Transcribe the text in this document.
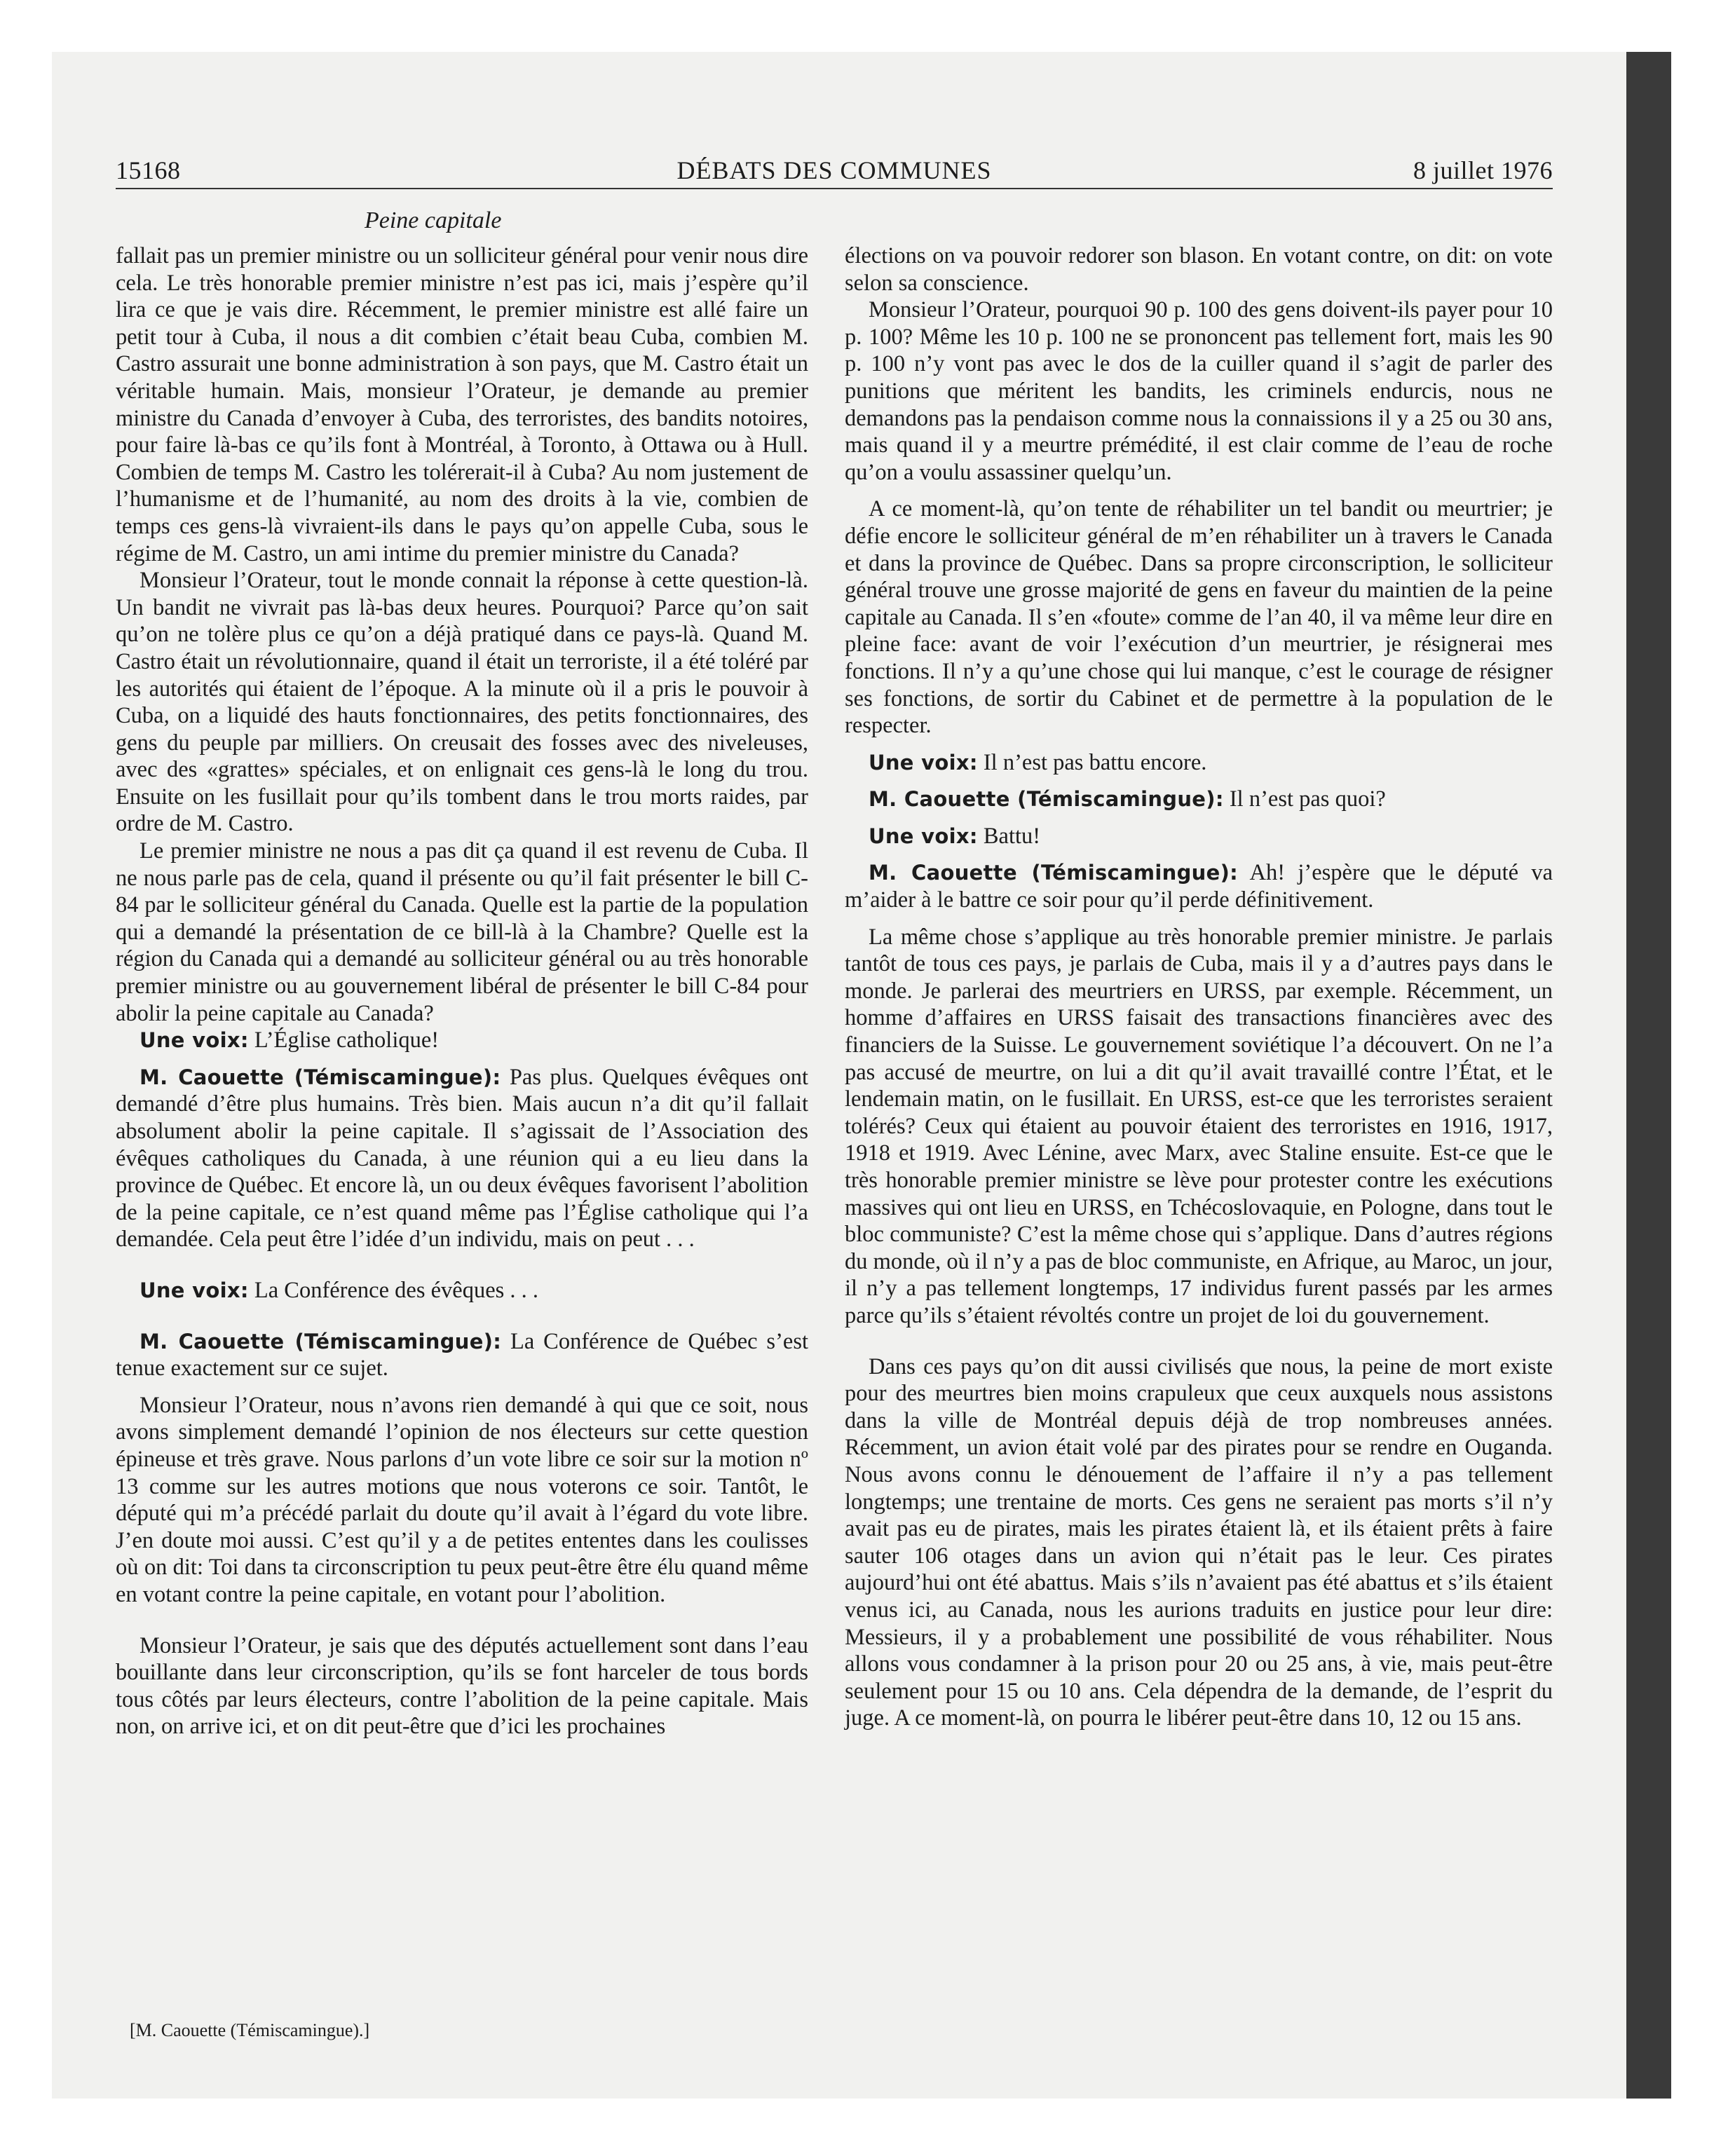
15168	DÉBATS DES COMMUNES	8 juillet 1976
Peine capitale

fallait pas un premier ministre ou un solliciteur général pour venir nous dire cela. Le très honorable premier ministre n’est pas ici, mais j’espère qu’il lira ce que je vais dire. Récemment, le premier ministre est allé faire un petit tour à Cuba, il nous a dit combien c’était beau Cuba, combien M. Castro assurait une bonne administration à son pays, que M. Castro était un véritable humain. Mais, monsieur l’Orateur, je demande au premier ministre du Canada d’envoyer à Cuba, des terroristes, des bandits notoires, pour faire là-bas ce qu’ils font à Montréal, à Toronto, à Ottawa ou à Hull. Combien de temps M. Castro les tolérerait-il à Cuba? Au nom justement de l’humanisme et de l’humanité, au nom des droits à la vie, combien de temps ces gens-là vivraient-ils dans le pays qu’on appelle Cuba, sous le régime de M. Castro, un ami intime du premier ministre du Canada?

Monsieur l’Orateur, tout le monde connait la réponse à cette question-là. Un bandit ne vivrait pas là-bas deux heures. Pourquoi? Parce qu’on sait qu’on ne tolère plus ce qu’on a déjà pratiqué dans ce pays-là. Quand M. Castro était un révolutionnaire, quand il était un terroriste, il a été toléré par les autorités qui étaient de l’époque. A la minute où il a pris le pouvoir à Cuba, on a liquidé des hauts fonctionnaires, des petits fonctionnaires, des gens du peuple par milliers. On creusait des fosses avec des niveleuses, avec des «grattes» spéciales, et on enlignait ces gens-là le long du trou. Ensuite on les fusillait pour qu’ils tombent dans le trou morts raides, par ordre de M. Castro.

Le premier ministre ne nous a pas dit ça quand il est revenu de Cuba. Il ne nous parle pas de cela, quand il présente ou qu’il fait présenter le bill C-84 par le solliciteur général du Canada. Quelle est la partie de la population qui a demandé la présentation de ce bill-là à la Chambre? Quelle est la région du Canada qui a demandé au solliciteur général ou au très honorable premier ministre ou au gouvernement libéral de présenter le bill C-84 pour abolir la peine capitale au Canada?

Une voix: L’Église catholique!

M. Caouette (Témiscamingue): Pas plus. Quelques évêques ont demandé d’être plus humains. Très bien. Mais aucun n’a dit qu’il fallait absolument abolir la peine capitale. Il s’agissait de l’Association des évêques catholiques du Canada, à une réunion qui a eu lieu dans la province de Québec. Et encore là, un ou deux évêques favorisent l’abolition de la peine capitale, ce n’est quand même pas l’Église catholique qui l’a demandée. Cela peut être l’idée d’un individu, mais on peut . . .

Une voix: La Conférence des évêques . . .

M. Caouette (Témiscamingue): La Conférence de Québec s’est tenue exactement sur ce sujet.

Monsieur l’Orateur, nous n’avons rien demandé à qui que ce soit, nous avons simplement demandé l’opinion de nos électeurs sur cette question épineuse et très grave. Nous parlons d’un vote libre ce soir sur la motion nº 13 comme sur les autres motions que nous voterons ce soir. Tantôt, le député qui m’a précédé parlait du doute qu’il avait à l’égard du vote libre. J’en doute moi aussi. C’est qu’il y a de petites ententes dans les coulisses où on dit: Toi dans ta circonscription tu peux peut-être être élu quand même en votant contre la peine capitale, en votant pour l’abolition.

Monsieur l’Orateur, je sais que des députés actuellement sont dans l’eau bouillante dans leur circonscription, qu’ils se font harceler de tous bords tous côtés par leurs électeurs, contre l’abolition de la peine capitale. Mais non, on arrive ici, et on dit peut-être que d’ici les prochaines

élections on va pouvoir redorer son blason. En votant contre, on dit: on vote selon sa conscience.

Monsieur l’Orateur, pourquoi 90 p. 100 des gens doivent-ils payer pour 10 p. 100? Même les 10 p. 100 ne se prononcent pas tellement fort, mais les 90 p. 100 n’y vont pas avec le dos de la cuiller quand il s’agit de parler des punitions que méritent les bandits, les criminels endurcis, nous ne demandons pas la pendaison comme nous la connaissions il y a 25 ou 30 ans, mais quand il y a meurtre prémédité, il est clair comme de l’eau de roche qu’on a voulu assassiner quelqu’un.

A ce moment-là, qu’on tente de réhabiliter un tel bandit ou meurtrier; je défie encore le solliciteur général de m’en réhabiliter un à travers le Canada et dans la province de Québec. Dans sa propre circonscription, le solliciteur général trouve une grosse majorité de gens en faveur du maintien de la peine capitale au Canada. Il s’en «foute» comme de l’an 40, il va même leur dire en pleine face: avant de voir l’exécution d’un meurtrier, je résignerai mes fonctions. Il n’y a qu’une chose qui lui manque, c’est le courage de résigner ses fonctions, de sortir du Cabinet et de permettre à la population de le respecter.

Une voix: Il n’est pas battu encore.

M. Caouette (Témiscamingue): Il n’est pas quoi?

Une voix: Battu!

M. Caouette (Témiscamingue): Ah! j’espère que le député va m’aider à le battre ce soir pour qu’il perde définitivement.

La même chose s’applique au très honorable premier ministre. Je parlais tantôt de tous ces pays, je parlais de Cuba, mais il y a d’autres pays dans le monde. Je parlerai des meurtriers en URSS, par exemple. Récemment, un homme d’affaires en URSS faisait des transactions financières avec des financiers de la Suisse. Le gouvernement soviétique l’a découvert. On ne l’a pas accusé de meurtre, on lui a dit qu’il avait travaillé contre l’État, et le lendemain matin, on le fusillait. En URSS, est-ce que les terroristes seraient tolérés? Ceux qui étaient au pouvoir étaient des terroristes en 1916, 1917, 1918 et 1919. Avec Lénine, avec Marx, avec Staline ensuite. Est-ce que le très honorable premier ministre se lève pour protester contre les exécutions massives qui ont lieu en URSS, en Tchécoslovaquie, en Pologne, dans tout le bloc communiste? C’est la même chose qui s’applique. Dans d’autres régions du monde, où il n’y a pas de bloc communiste, en Afrique, au Maroc, un jour, il n’y a pas tellement longtemps, 17 individus furent passés par les armes parce qu’ils s’étaient révoltés contre un projet de loi du gouvernement.

Dans ces pays qu’on dit aussi civilisés que nous, la peine de mort existe pour des meurtres bien moins crapuleux que ceux auxquels nous assistons dans la ville de Montréal depuis déjà de trop nombreuses années. Récemment, un avion était volé par des pirates pour se rendre en Ouganda. Nous avons connu le dénouement de l’affaire il n’y a pas tellement longtemps; une trentaine de morts. Ces gens ne seraient pas morts s’il n’y avait pas eu de pirates, mais les pirates étaient là, et ils étaient prêts à faire sauter 106 otages dans un avion qui n’était pas le leur. Ces pirates aujourd’hui ont été abattus. Mais s’ils n’avaient pas été abattus et s’ils étaient venus ici, au Canada, nous les aurions traduits en justice pour leur dire: Messieurs, il y a probablement une possibilité de vous réhabiliter. Nous allons vous condamner à la prison pour 20 ou 25 ans, à vie, mais peut-être seulement pour 15 ou 10 ans. Cela dépendra de la demande, de l’esprit du juge. A ce moment-là, on pourra le libérer peut-être dans 10, 12 ou 15 ans.

[M. Caouette (Témiscamingue).]
